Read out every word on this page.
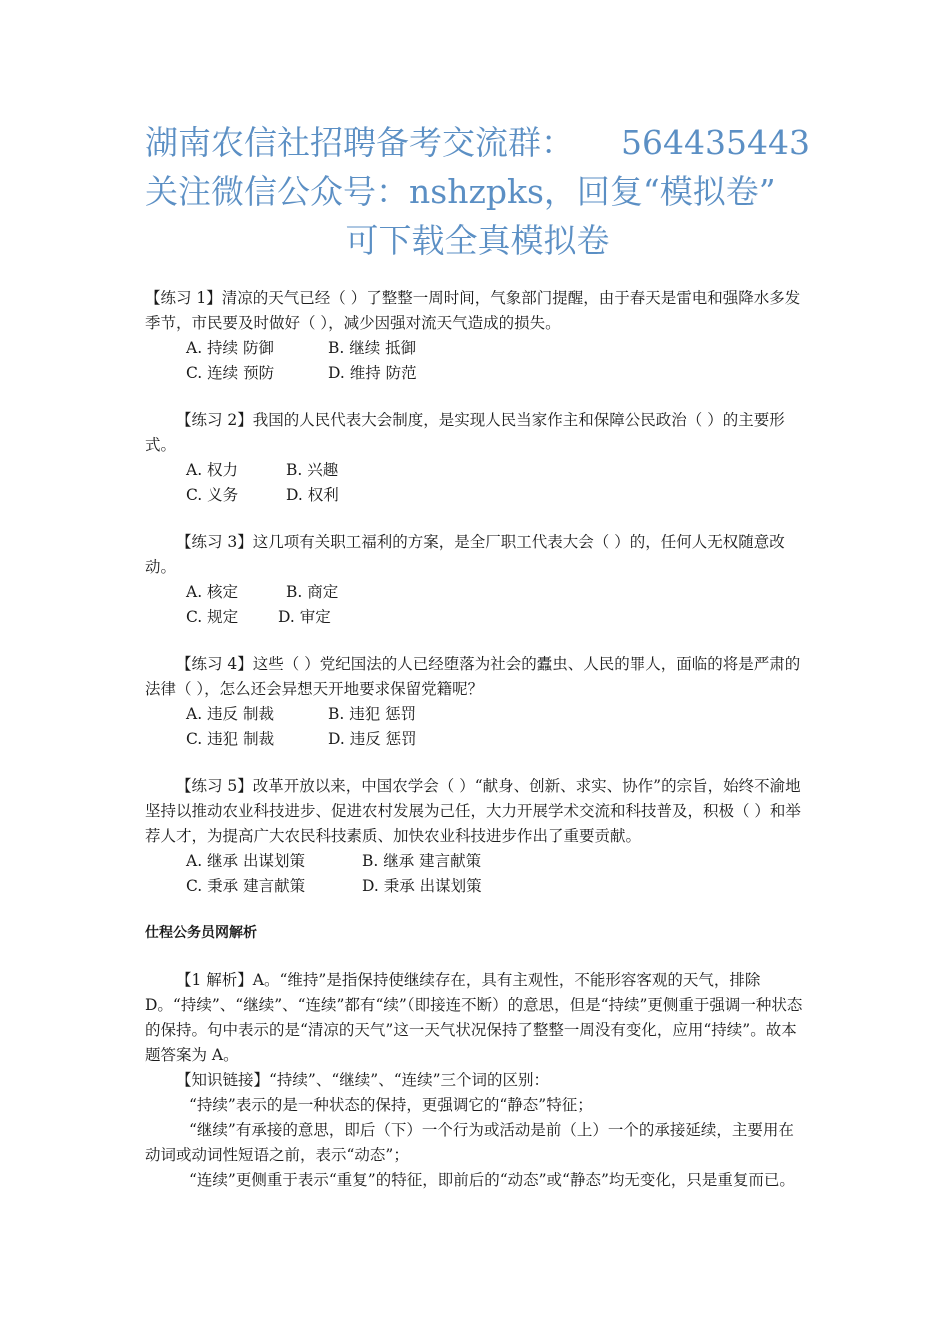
湖南农信社招聘备考交流群： 564435443
关注微信公众号：nshzpks，回复“模拟卷”
可下载全真模拟卷

【练习 1】清凉的天气已经（ ）了整整一周时间，气象部门提醒，由于春天是雷电和强降水多发季节，市民要及时做好（ ），减少因强对流天气造成的损失。

A. 持续 防御	B. 继续 抵御
C. 连续 预防	D. 维持 防范

【练习 2】我国的人民代表大会制度，是实现人民当家作主和保障公民政治（ ）的主要形式。

A. 权力	B. 兴趣
C. 义务	D. 权利

【练习 3】这几项有关职工福利的方案，是全厂职工代表大会（ ）的，任何人无权随意改动。

A. 核定	B. 商定
C. 规定	D. 审定

【练习 4】这些（ ）党纪国法的人已经堕落为社会的蠹虫、人民的罪人，面临的将是严肃的法律（ ），怎么还会异想天开地要求保留党籍呢？

A. 违反 制裁	B. 违犯 惩罚
C. 违犯 制裁	D. 违反 惩罚

【练习 5】改革开放以来，中国农学会（ ）“献身、创新、求实、协作”的宗旨，始终不渝地坚持以推动农业科技进步、促进农村发展为己任，大力开展学术交流和科技普及，积极（ ）和举荐人才，为提高广大农民科技素质、加快农业科技进步作出了重要贡献。

A. 继承 出谋划策	B. 继承 建言献策
C. 秉承 建言献策	D. 秉承 出谋划策

仕程公务员网解析

【1 解析】A。“维持”是指保持使继续存在，具有主观性，不能形容客观的天气，排除 D。“持续”、“继续”、“连续”都有“续”（即接连不断）的意思，但是“持续”更侧重于强调一种状态的保持。句中表示的是“清凉的天气”这一天气状况保持了整整一周没有变化，应用“持续”。故本题答案为 A。

【知识链接】“持续”、“继续”、“连续”三个词的区别：

“持续”表示的是一种状态的保持，更强调它的“静态”特征；

“继续”有承接的意思，即后（下）一个行为或活动是前（上）一个的承接延续，主要用在动词或动词性短语之前，表示“动态”；

“连续”更侧重于表示“重复”的特征，即前后的“动态”或“静态”均无变化，只是重复而已。
